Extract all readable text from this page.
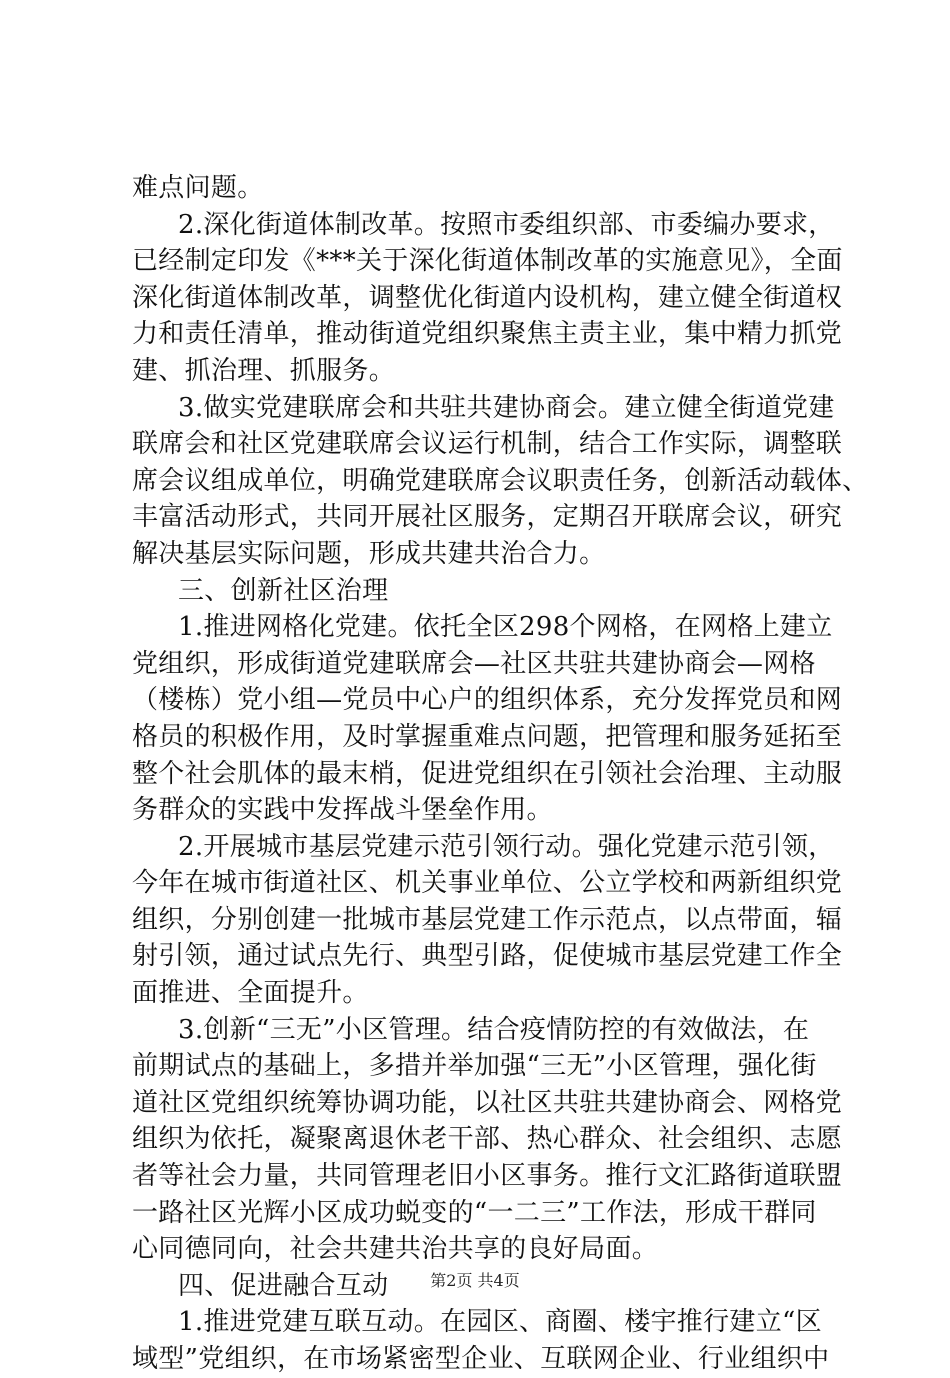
难点问题。
2.深化街道体制改革。按照市委组织部、市委编办要求，
已经制定印发《***关于深化街道体制改革的实施意见》，全面
深化街道体制改革，调整优化街道内设机构，建立健全街道权
力和责任清单，推动街道党组织聚焦主责主业，集中精力抓党
建、抓治理、抓服务。
3.做实党建联席会和共驻共建协商会。建立健全街道党建
联席会和社区党建联席会议运行机制，结合工作实际，调整联
席会议组成单位，明确党建联席会议职责任务，创新活动载体、
丰富活动形式，共同开展社区服务，定期召开联席会议，研究
解决基层实际问题，形成共建共治合力。
三、创新社区治理
1.推进网格化党建。依托全区298个网格，在网格上建立
党组织，形成街道党建联席会—社区共驻共建协商会—网格
（楼栋）党小组—党员中心户的组织体系，充分发挥党员和网
格员的积极作用，及时掌握重难点问题，把管理和服务延拓至
整个社会肌体的最末梢，促进党组织在引领社会治理、主动服
务群众的实践中发挥战斗堡垒作用。
2.开展城市基层党建示范引领行动。强化党建示范引领，
今年在城市街道社区、机关事业单位、公立学校和两新组织党
组织，分别创建一批城市基层党建工作示范点，以点带面，辐
射引领，通过试点先行、典型引路，促使城市基层党建工作全
面推进、全面提升。
3.创新“三无”小区管理。结合疫情防控的有效做法，在
前期试点的基础上，多措并举加强“三无”小区管理，强化街
道社区党组织统筹协调功能，以社区共驻共建协商会、网格党
组织为依托，凝聚离退休老干部、热心群众、社会组织、志愿
者等社会力量，共同管理老旧小区事务。推行文汇路街道联盟
一路社区光辉小区成功蜕变的“一二三”工作法，形成干群同
心同德同向，社会共建共治共享的良好局面。
四、促进融合互动
1.推进党建互联互动。在园区、商圈、楼宇推行建立“区
域型”党组织，在市场紧密型企业、互联网企业、行业组织中
第2页 共4页
